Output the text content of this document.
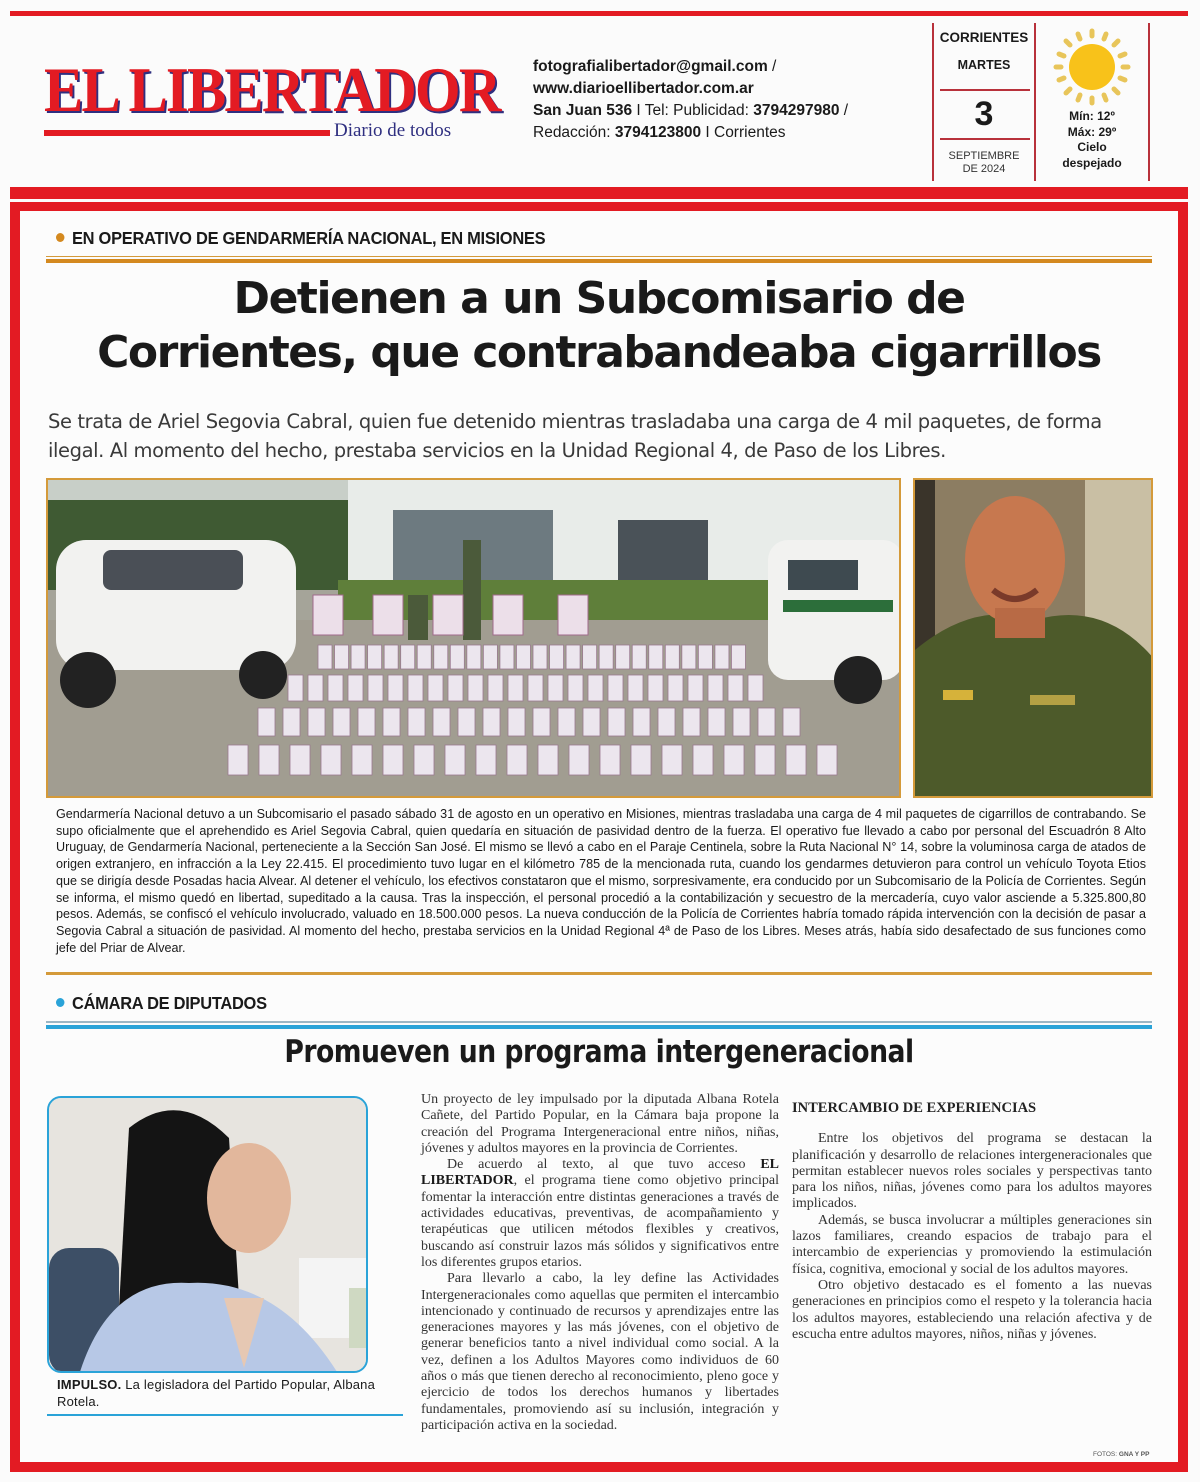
EL LIBERTADOR
Diario de todos
fotografialibertador@gmail.com /
www.diarioellibertador.com.ar
San Juan 536 I Tel: Publicidad: 3794297980 /
Redacción: 3794123800 I Corrientes
CORRIENTES
MARTES
3
SEPTIEMBRE
DE 2024
Mín: 12º
Máx: 29º
Cielo
despejado
EN OPERATIVO DE GENDARMERÍA NACIONAL, EN MISIONES
Detienen a un Subcomisario de
Corrientes, que contrabandeaba cigarrillos

Se trata de Ariel Segovia Cabral, quien fue detenido mientras trasladaba una carga de 4 mil paquetes, de forma ilegal. Al momento del hecho, prestaba servicios en la Unidad Regional 4, de Paso de los Libres.

Gendarmería Nacional detuvo a un Subcomisario el pasado sábado 31 de agosto en un operativo en Misiones, mientras trasladaba una carga de 4 mil paquetes de cigarrillos de contrabando. Se supo oficialmente que el aprehendido es Ariel Segovia Cabral, quien quedaría en situación de pasividad dentro de la fuerza. El operativo fue llevado a cabo por personal del Escuadrón 8 Alto Uruguay, de Gendarmería Nacional, perteneciente a la Sección San José. El mismo se llevó a cabo en el Paraje Centinela, sobre la Ruta Nacional N° 14, sobre la voluminosa carga de atados de origen extranjero, en infracción a la Ley 22.415. El procedimiento tuvo lugar en el kilómetro 785 de la mencionada ruta, cuando los gendarmes detuvieron para control un vehículo Toyota Etios que se dirigía desde Posadas hacia Alvear. Al detener el vehículo, los efectivos constataron que el mismo, sorpresivamente, era conducido por un Subcomisario de la Policía de Corrientes. Según se informa, el mismo quedó en libertad, supeditado a la causa. Tras la inspección, el personal procedió a la contabilización y secuestro de la mercadería, cuyo valor asciende a 5.325.800,80 pesos. Además, se confiscó el vehículo involucrado, valuado en 18.500.000 pesos. La nueva conducción de la Policía de Corrientes habría tomado rápida intervención con la decisión de pasar a Segovia Cabral a situación de pasividad. Al momento del hecho, prestaba servicios en la Unidad Regional 4ª de Paso de los Libres. Meses atrás, había sido desafectado de sus funciones como jefe del Priar de Alvear.

CÁMARA DE DIPUTADOS
Promueven un programa intergeneracional
IMPULSO. La legisladora del Partido Popular, Albana Rotela.

Un proyecto de ley impulsado por la diputada Albana Rotela Cañete, del Partido Popular, en la Cámara baja propone la creación del Programa Intergeneracional entre niños, niñas, jóvenes y adultos mayores en la provincia de Corrientes.

De acuerdo al texto, al que tuvo acceso EL LIBERTADOR, el programa tiene como objetivo principal fomentar la interacción entre distintas generaciones a través de actividades educativas, preventivas, de acompañamiento y terapéuticas que utilicen métodos flexibles y creativos, buscando así construir lazos más sólidos y significativos entre los diferentes grupos etarios.

Para llevarlo a cabo, la ley define las Actividades Intergeneracionales como aquellas que permiten el intercambio intencionado y continuado de recursos y aprendizajes entre las generaciones mayores y las más jóvenes, con el objetivo de generar beneficios tanto a nivel individual como social. A la vez, definen a los Adultos Mayores como individuos de 60 años o más que tienen derecho al reconocimiento, pleno goce y ejercicio de todos los derechos humanos y libertades fundamentales, promoviendo así su inclusión, integración y participación activa en la sociedad.

INTERCAMBIO DE EXPERIENCIAS

Entre los objetivos del programa se destacan la planificación y desarrollo de relaciones intergeneracionales que permitan establecer nuevos roles sociales y perspectivas tanto para los niños, niñas, jóvenes como para los adultos mayores implicados.

Además, se busca involucrar a múltiples generaciones sin lazos familiares, creando espacios de trabajo para el intercambio de experiencias y promoviendo la estimulación física, cognitiva, emocional y social de los adultos mayores.

Otro objetivo destacado es el fomento a las nuevas generaciones en principios como el respeto y la tolerancia hacia los adultos mayores, estableciendo una relación afectiva y de escucha entre adultos mayores, niños, niñas y jóvenes.

FOTOS: GNA Y PP
